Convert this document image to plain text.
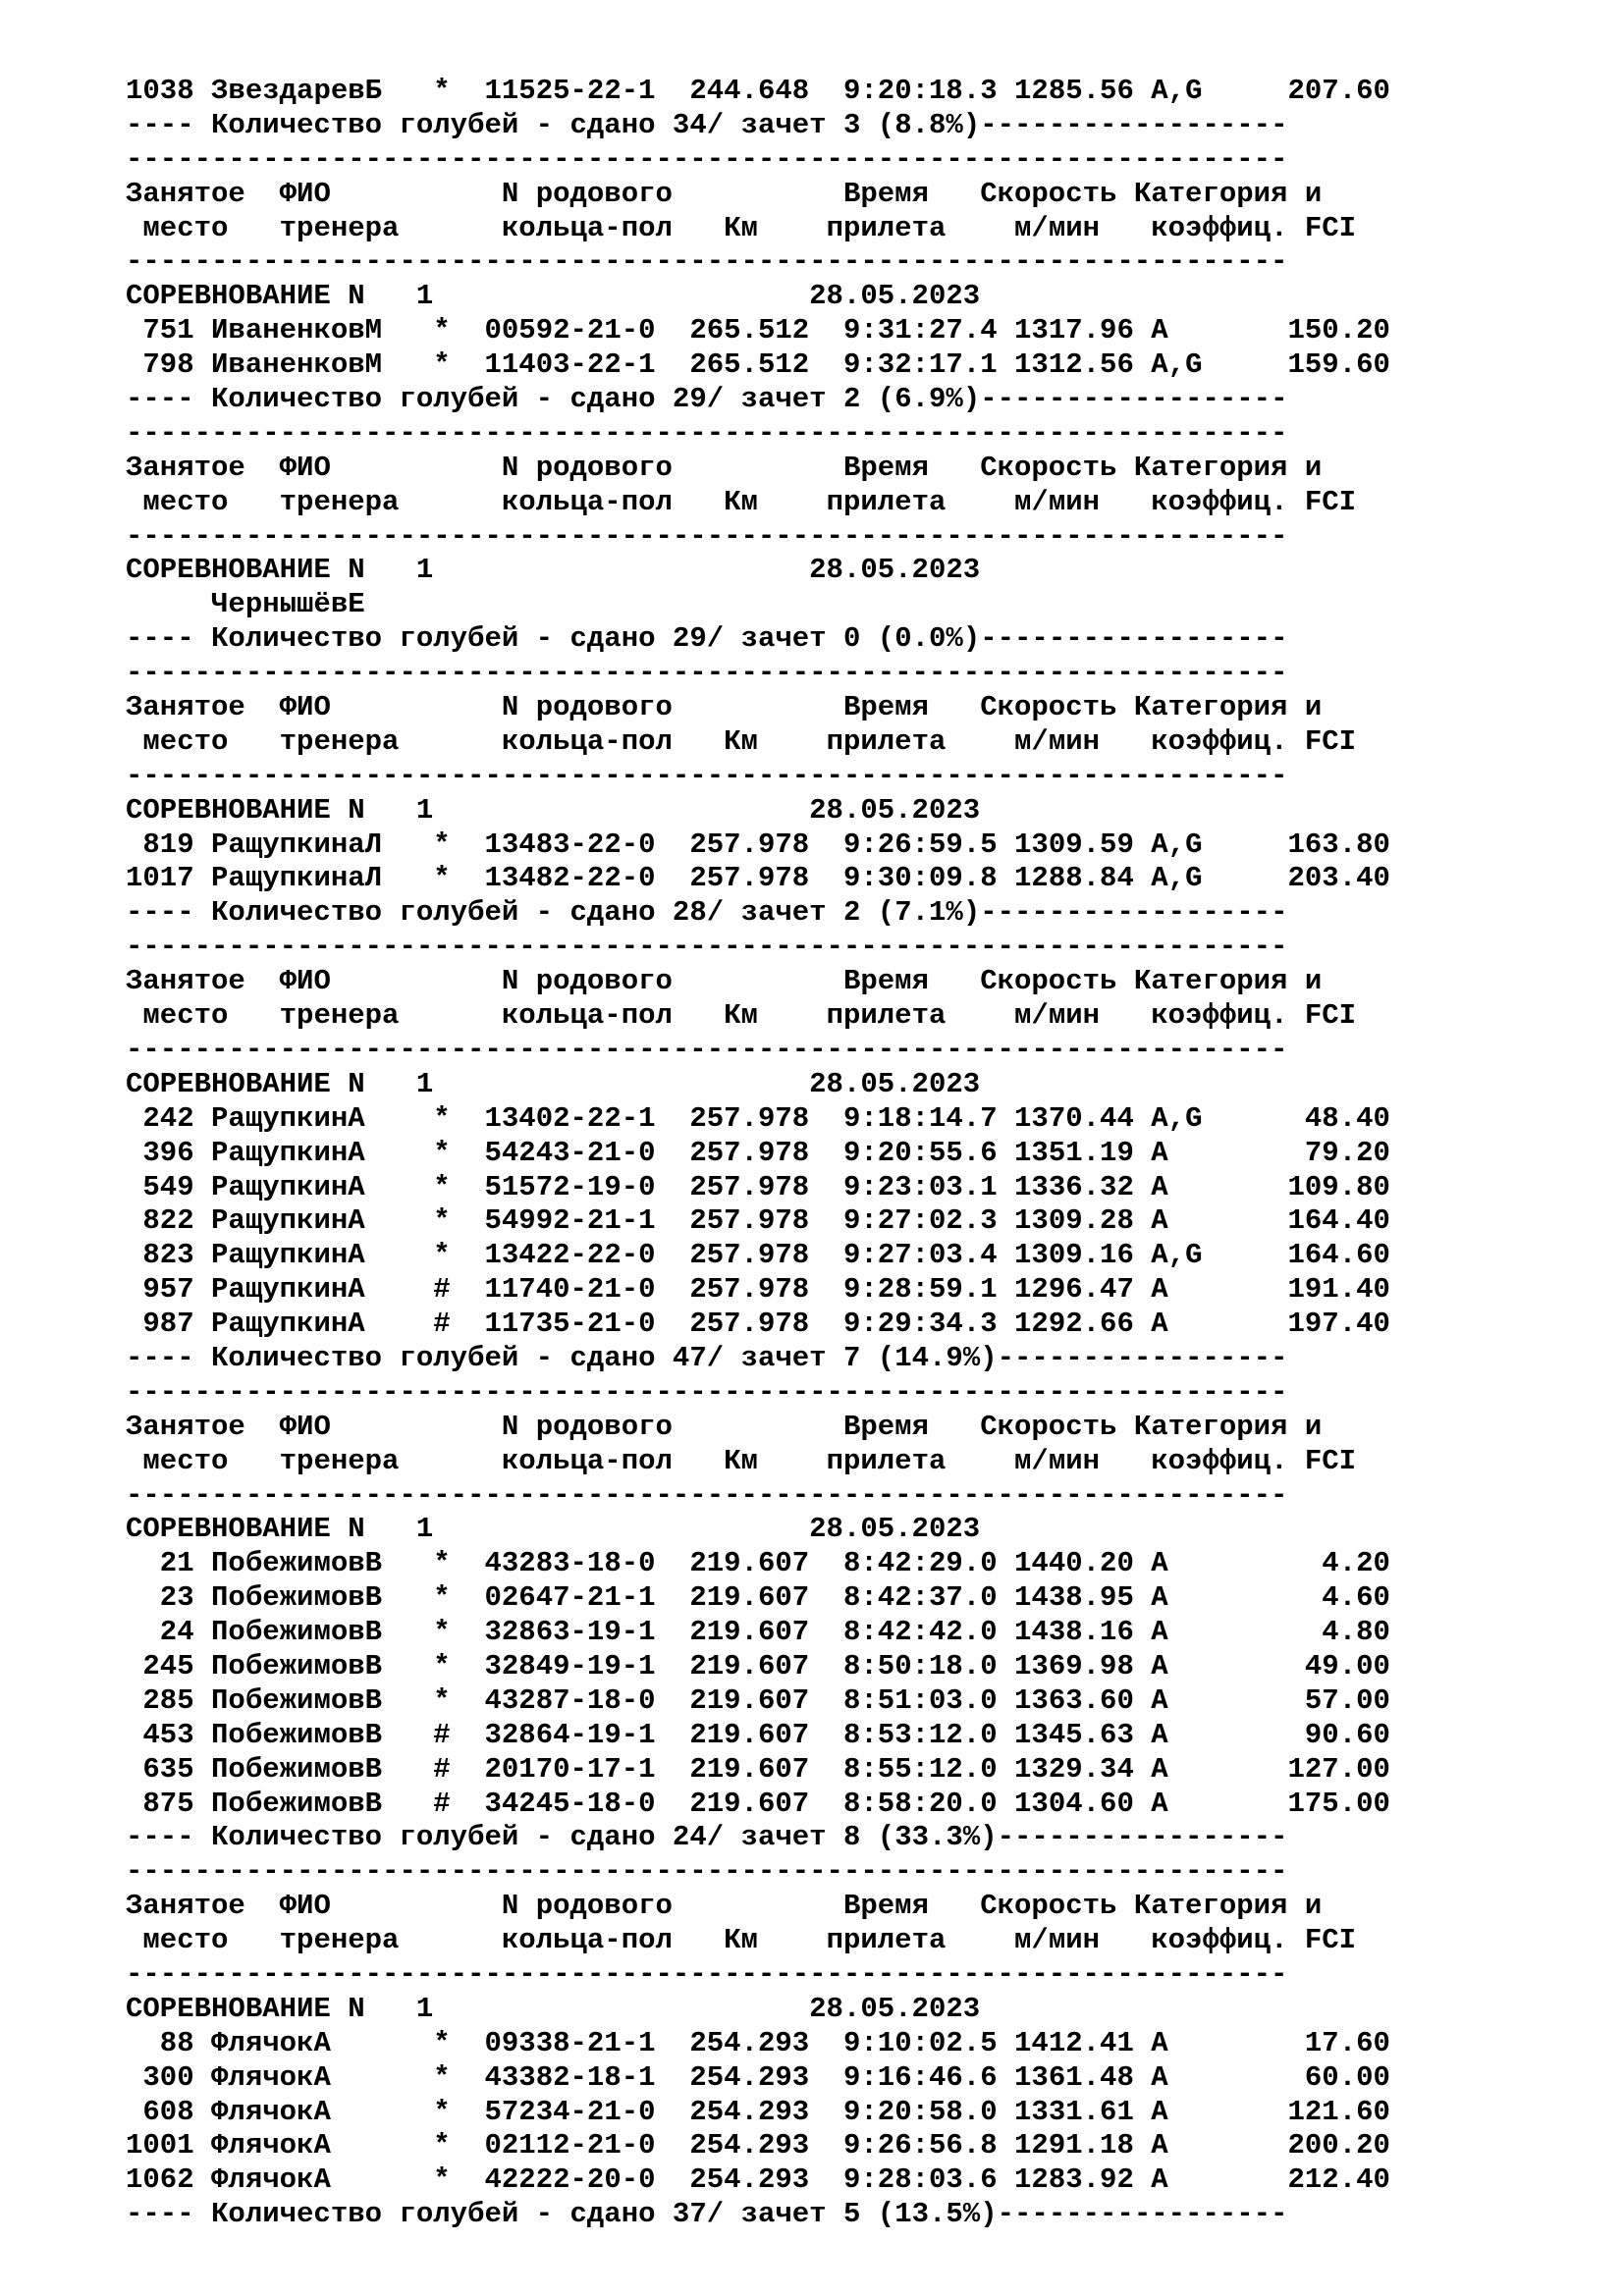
1038 ЗвездаревБ   * 11525-22-1 244.648 9:20:18.3 1285.56 A,G     207.60
---- Количество голубей - сдано 34/ зачет 3 (8.8%)------------------
--------------------------------------------------------------------
Занятое ФИО          N родового          Время Скорость Категория и
место   тренера      кольца-пол   Км    прилета    м/мин   коэффиц. FCI
--------------------------------------------------------------------
СОРЕВНОВАНИЕ N 1                      28.05.2023
751 ИваненковМ   * 00592-21-0 265.512 9:31:27.4 1317.96 A       150.20
798 ИваненковМ   * 11403-22-1 265.512 9:32:17.1 1312.56 A,G     159.60
---- Количество голубей - сдано 29/ зачет 2 (6.9%)------------------
--------------------------------------------------------------------
Занятое ФИО          N родового          Время Скорость Категория и
место   тренера      кольца-пол   Км    прилета    м/мин   коэффиц. FCI
--------------------------------------------------------------------
СОРЕВНОВАНИЕ N 1                      28.05.2023
ЧернышёвЕ
---- Количество голубей - сдано 29/ зачет 0 (0.0%)------------------
--------------------------------------------------------------------
Занятое ФИО          N родового          Время Скорость Категория и
место   тренера      кольца-пол   Км    прилета    м/мин   коэффиц. FCI
--------------------------------------------------------------------
СОРЕВНОВАНИЕ N 1                      28.05.2023
819 РащупкинаЛ   * 13483-22-0 257.978 9:26:59.5 1309.59 A,G     163.80
1017 РащупкинаЛ   * 13482-22-0 257.978 9:30:09.8 1288.84 A,G     203.40
---- Количество голубей - сдано 28/ зачет 2 (7.1%)------------------
--------------------------------------------------------------------
Занятое ФИО          N родового          Время Скорость Категория и
место   тренера      кольца-пол   Км    прилета    м/мин   коэффиц. FCI
--------------------------------------------------------------------
СОРЕВНОВАНИЕ N 1                      28.05.2023
242 РащупкинА    * 13402-22-1 257.978 9:18:14.7 1370.44 A,G      48.40
396 РащупкинА    * 54243-21-0 257.978 9:20:55.6 1351.19 A        79.20
549 РащупкинА    * 51572-19-0 257.978 9:23:03.1 1336.32 A       109.80
822 РащупкинА    * 54992-21-1 257.978 9:27:02.3 1309.28 A       164.40
823 РащупкинА    * 13422-22-0 257.978 9:27:03.4 1309.16 A,G     164.60
957 РащупкинА    # 11740-21-0 257.978 9:28:59.1 1296.47 A       191.40
987 РащупкинА    # 11735-21-0 257.978 9:29:34.3 1292.66 A       197.40
---- Количество голубей - сдано 47/ зачет 7 (14.9%)-----------------
--------------------------------------------------------------------
Занятое ФИО          N родового          Время Скорость Категория и
место   тренера      кольца-пол   Км    прилета    м/мин   коэффиц. FCI
--------------------------------------------------------------------
СОРЕВНОВАНИЕ N 1                      28.05.2023
21 ПобежимовВ   * 43283-18-0 219.607 8:42:29.0 1440.20 A         4.20
23 ПобежимовВ   * 02647-21-1 219.607 8:42:37.0 1438.95 A         4.60
24 ПобежимовВ   * 32863-19-1 219.607 8:42:42.0 1438.16 A         4.80
245 ПобежимовВ   * 32849-19-1 219.607 8:50:18.0 1369.98 A        49.00
285 ПобежимовВ   * 43287-18-0 219.607 8:51:03.0 1363.60 A        57.00
453 ПобежимовВ   # 32864-19-1 219.607 8:53:12.0 1345.63 A        90.60
635 ПобежимовВ   # 20170-17-1 219.607 8:55:12.0 1329.34 A       127.00
875 ПобежимовВ   # 34245-18-0 219.607 8:58:20.0 1304.60 A       175.00
---- Количество голубей - сдано 24/ зачет 8 (33.3%)-----------------
--------------------------------------------------------------------
Занятое ФИО          N родового          Время Скорость Категория и
место   тренера      кольца-пол   Км    прилета    м/мин   коэффиц. FCI
--------------------------------------------------------------------
СОРЕВНОВАНИЕ N 1                      28.05.2023
88 ФлячокА      * 09338-21-1 254.293 9:10:02.5 1412.41 A        17.60
300 ФлячокА      * 43382-18-1 254.293 9:16:46.6 1361.48 A        60.00
608 ФлячокА      * 57234-21-0 254.293 9:20:58.0 1331.61 A       121.60
1001 ФлячокА      * 02112-21-0 254.293 9:26:56.8 1291.18 A       200.20
1062 ФлячокА      * 42222-20-0 254.293 9:28:03.6 1283.92 A       212.40
---- Количество голубей - сдано 37/ зачет 5 (13.5%)-----------------
